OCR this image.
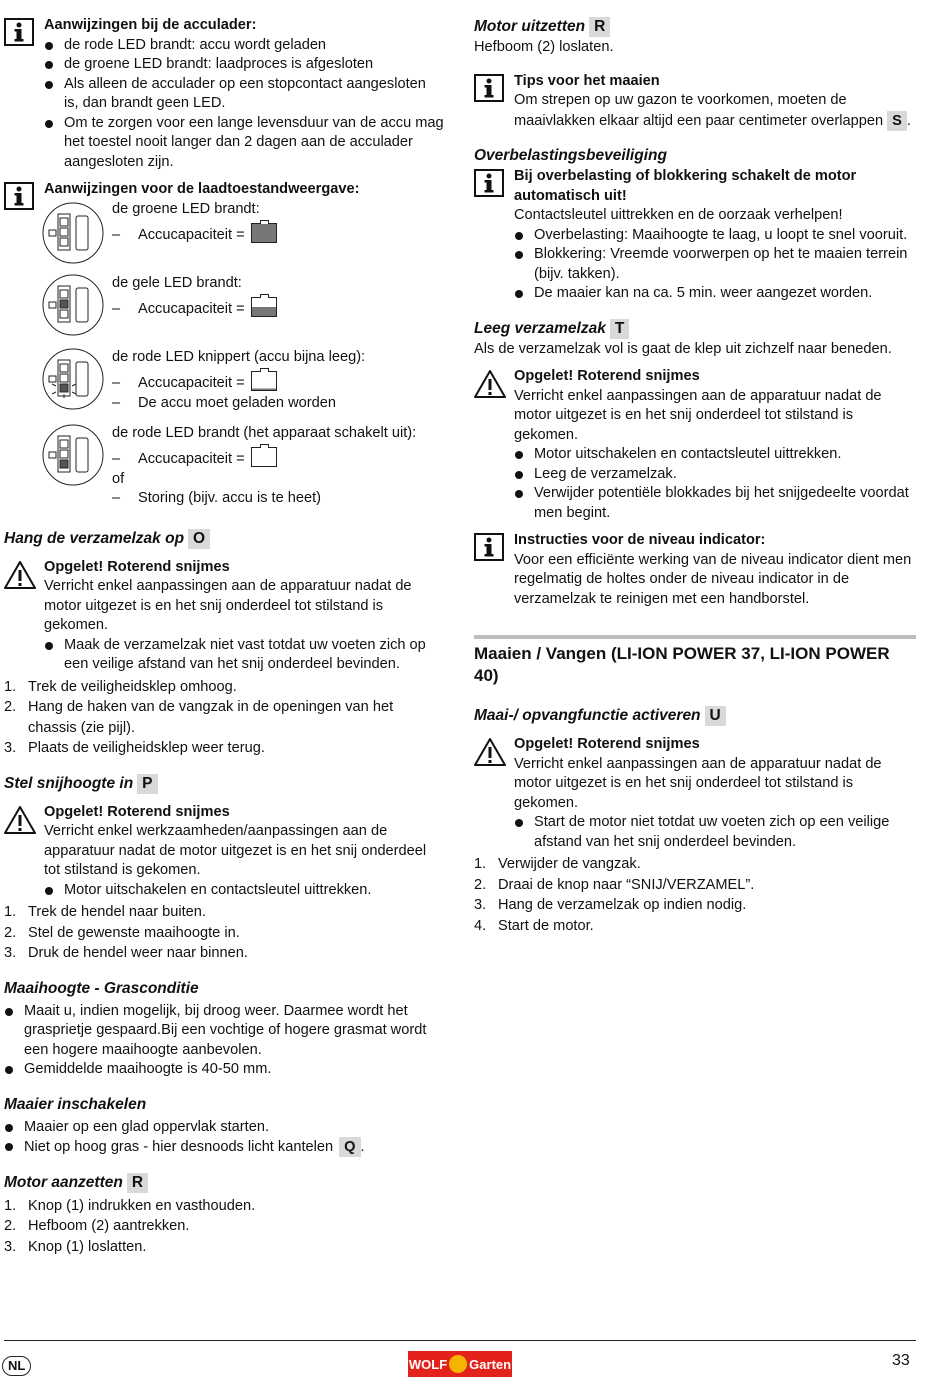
Aanwijzingen bij de acculader:

de rode LED brandt: accu wordt geladen
de groene LED brandt: laadproces is afgesloten
Als alleen de acculader op een stopcontact aangesloten is, dan brandt geen LED.
Om te zorgen voor een lange levensduur van de accu mag het toestel nooit langer dan 2 dagen aan de acculader aangesloten zijn.

Aanwijzingen voor de laadtoestandweergave:

de groene LED brandt:
– Accucapaciteit =
de gele LED brandt:
– Accucapaciteit =
de rode LED knippert (accu bijna leeg):
– Accucapaciteit =
– De accu moet geladen worden
de rode LED brandt (het apparaat schakelt uit):
– Accucapaciteit =
of
– Storing (bijv. accu is te heet)

Hang de verzamelzak op O

Opgelet! Roterend snijmes

Verricht enkel aanpassingen aan de apparatuur nadat de motor uitgezet is en het snij onderdeel tot stilstand is gekomen.

Maak de verzamelzak niet vast totdat uw voeten zich op een veilige afstand van het snij onderdeel bevinden.
1. Trek de veiligheidsklep omhoog.
2. Hang de haken van de vangzak in de openingen van het chassis (zie pijl).
3. Plaats de veiligheidsklep weer terug.

Stel snijhoogte in P

Opgelet! Roterend snijmes

Verricht enkel werkzaamheden/aanpassingen aan de apparatuur nadat de motor uitgezet is en het snij onderdeel tot stilstand is gekomen.

Motor uitschakelen en contactsleutel uittrekken.
1. Trek de hendel naar buiten.
2. Stel de gewenste maaihoogte in.
3. Druk de hendel weer naar binnen.

Maaihoogte - Grasconditie

Maait u, indien mogelijk, bij droog weer. Daarmee wordt het grasprietje gespaard.Bij een vochtige of hogere grasmat wordt een hogere maaihoogte aanbevolen.
Gemiddelde maaihoogte is 40-50 mm.

Maaier inschakelen

Maaier op een glad oppervlak starten.
Niet op hoog gras - hier desnoods licht kantelen Q .

Motor aanzetten R

1. Knop (1) indrukken en vasthouden.
2. Hefboom (2) aantrekken.
3. Knop (1) loslatten.

Motor uitzetten R

Hefboom (2) loslaten.

Tips voor het maaien

Om strepen op uw gazon te voorkomen, moeten de maaivlakken elkaar altijd een paar centimeter overlappen S .

Overbelastingsbeveiliging

Bij overbelasting of blokkering schakelt de motor automatisch uit!

Contactsleutel uittrekken en de oorzaak verhelpen!

Overbelasting: Maaihoogte te laag, u loopt te snel vooruit.
Blokkering: Vreemde voorwerpen op het te maaien terrein (bijv. takken).
De maaier kan na ca. 5 min. weer aangezet worden.

Leeg verzamelzak T

Als de verzamelzak vol is gaat de klep uit zichzelf naar beneden.

Opgelet! Roterend snijmes

Verricht enkel aanpassingen aan de apparatuur nadat de motor uitgezet is en het snij onderdeel tot stilstand is gekomen.

Motor uitschakelen en contactsleutel uittrekken.
Leeg de verzamelzak.
Verwijder potentiële blokkades bij het snijgedeelte voordat men begint.

Instructies voor de niveau indicator:

Voor een efficiënte werking van de niveau indicator dient men regelmatig de holtes onder de niveau indicator in de verzamelzak te reinigen met een handborstel.

Maaien / Vangen (LI-ION POWER 37, LI-ION POWER 40)

Maai-/ opvangfunctie activeren U

Opgelet! Roterend snijmes

Verricht enkel aanpassingen aan de apparatuur nadat de motor uitgezet is en het snij onderdeel tot stilstand is gekomen.

Start de motor niet totdat uw voeten zich op een veilige afstand van het snij onderdeel bevinden.
1. Verwijder de vangzak.
2. Draai de knop naar “SNIJ/VERZAMEL”.
3. Hang de verzamelzak op indien nodig.
4. Start de motor.
NL	WOLF Garten	33
